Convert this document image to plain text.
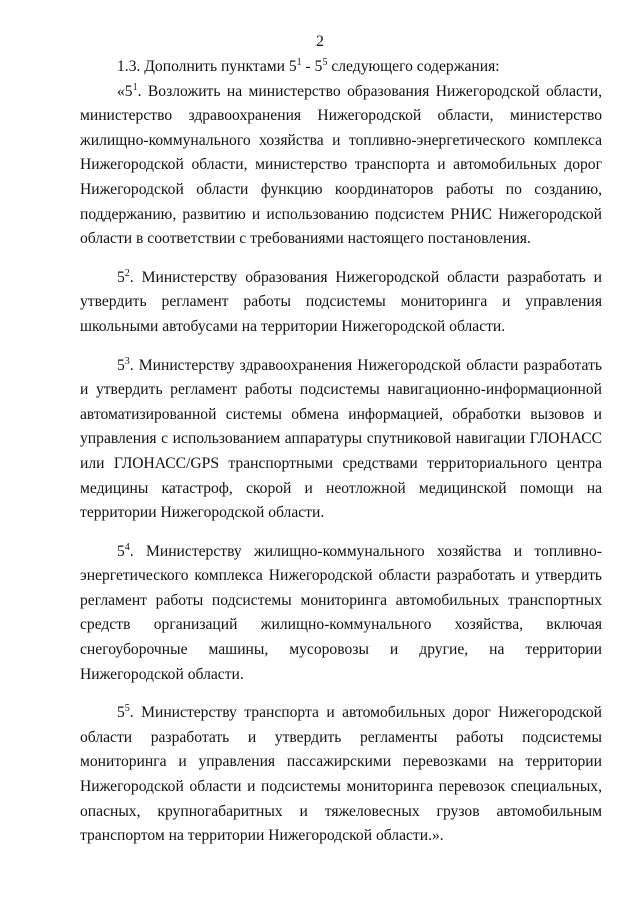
2

1.3. Дополнить пунктами $5^1 - 5^5$ следующего содержания:

«$5^1$. Возложить на министерство образования Нижегородской области, министерство здравоохранения Нижегородской области, министерство жилищно-коммунального хозяйства и топливно-энергетического комплекса Нижегородской области, министерство транспорта и автомобильных дорог Нижегородской области функцию координаторов работы по созданию, поддержанию, развитию и использованию подсистем РНИС Нижегородской области в соответствии с требованиями настоящего постановления.

$5^2$. Министерству образования Нижегородской области разработать и утвердить регламент работы подсистемы мониторинга и управления школьными автобусами на территории Нижегородской области.

$5^3$. Министерству здравоохранения Нижегородской области разработать и утвердить регламент работы подсистемы навигационно-информационной автоматизированной системы обмена информацией, обработки вызовов и управления с использованием аппаратуры спутниковой навигации ГЛОНАСС или ГЛОНАСС/GPS транспортными средствами территориального центра медицины катастроф, скорой и неотложной медицинской помощи на территории Нижегородской области.

$5^4$. Министерству жилищно-коммунального хозяйства и топливно-энергетического комплекса Нижегородской области разработать и утвердить регламент работы подсистемы мониторинга автомобильных транспортных средств организаций жилищно-коммунального хозяйства, включая снегоуборочные машины, мусоровозы и другие, на территории Нижегородской области.

$5^5$. Министерству транспорта и автомобильных дорог Нижегородской области разработать и утвердить регламенты работы подсистемы мониторинга и управления пассажирскими перевозками на территории Нижегородской области и подсистемы мониторинга перевозок специальных, опасных, крупногабаритных и тяжеловесных грузов автомобильным транспортом на территории Нижегородской области.».
